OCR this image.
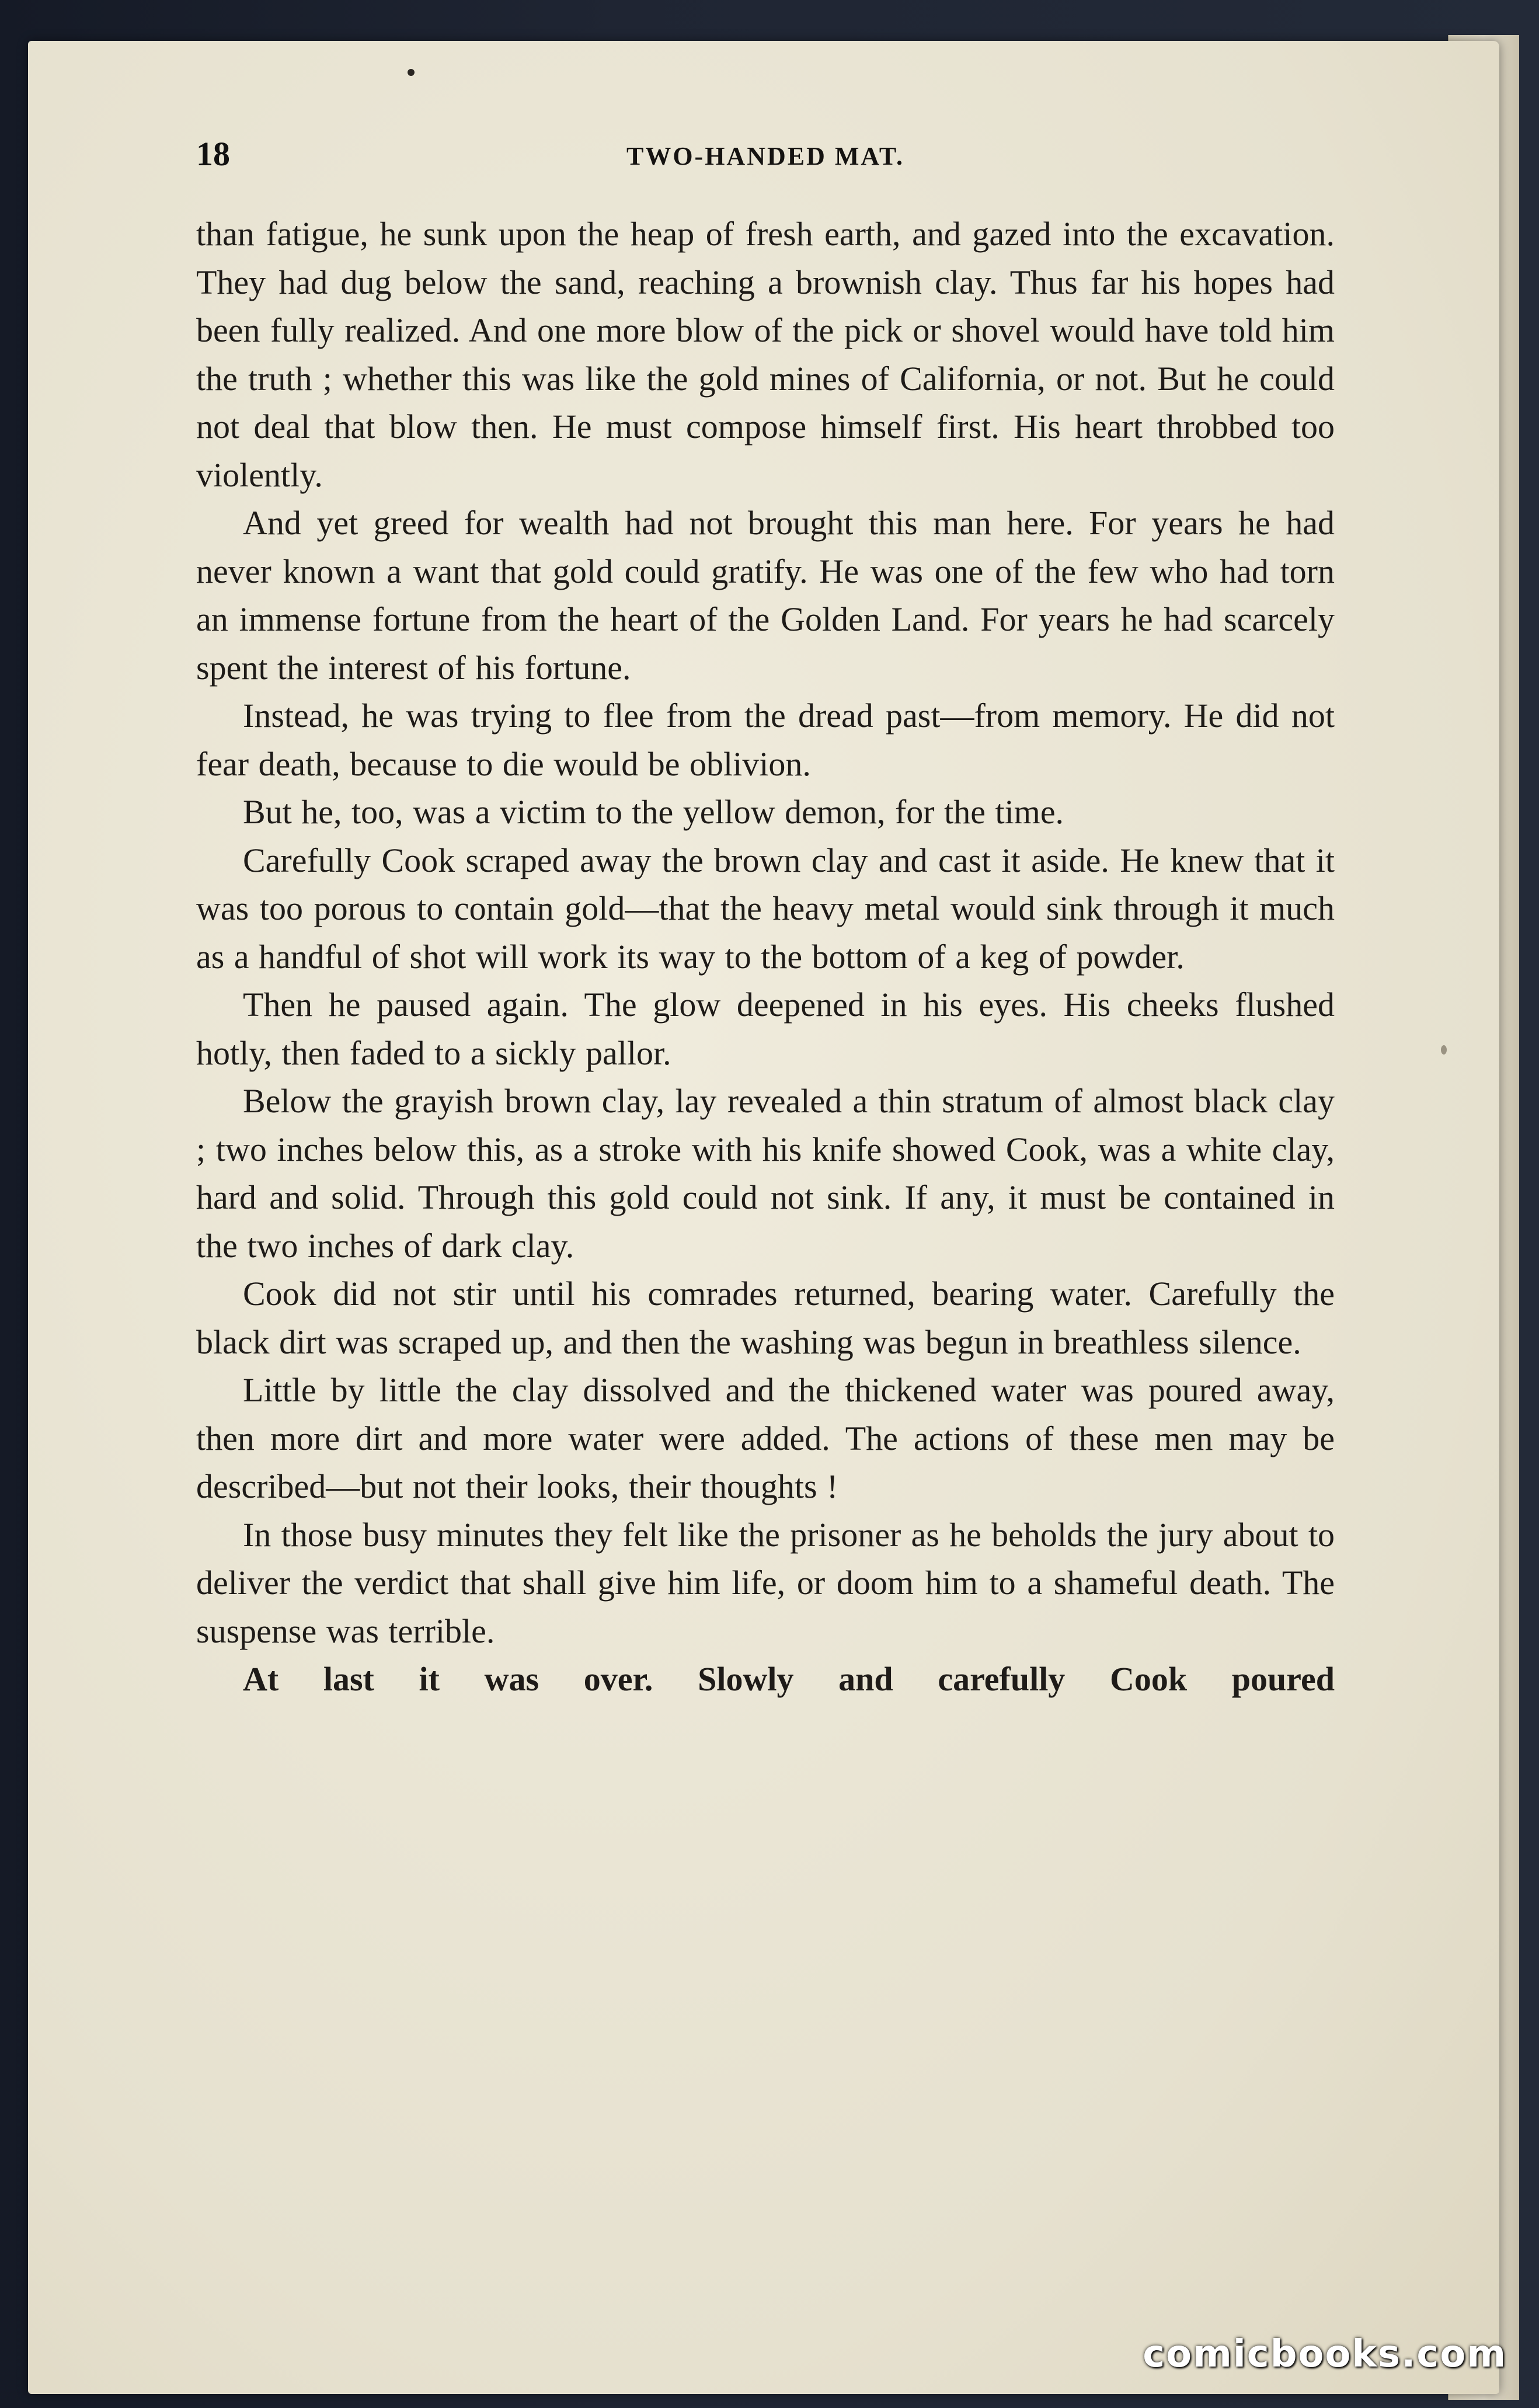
18	TWO-HANDED MAT.

than fatigue, he sunk upon the heap of fresh earth, and gazed into the excavation. They had dug below the sand, reaching a brownish clay. Thus far his hopes had been fully realized. And one more blow of the pick or shovel would have told him the truth ; whether this was like the gold mines of California, or not. But he could not deal that blow then. He must compose himself first. His heart throbbed too violently.

And yet greed for wealth had not brought this man here. For years he had never known a want that gold could gratify. He was one of the few who had torn an immense fortune from the heart of the Golden Land. For years he had scarcely spent the interest of his fortune.

Instead, he was trying to flee from the dread past—from memory. He did not fear death, because to die would be oblivion.

But he, too, was a victim to the yellow demon, for the time.

Carefully Cook scraped away the brown clay and cast it aside. He knew that it was too porous to contain gold—that the heavy metal would sink through it much as a handful of shot will work its way to the bottom of a keg of powder.

Then he paused again. The glow deepened in his eyes. His cheeks flushed hotly, then faded to a sickly pallor.

Below the grayish brown clay, lay revealed a thin stratum of almost black clay ; two inches below this, as a stroke with his knife showed Cook, was a white clay, hard and solid. Through this gold could not sink. If any, it must be contained in the two inches of dark clay.

Cook did not stir until his comrades returned, bearing water. Carefully the black dirt was scraped up, and then the washing was begun in breathless silence.

Little by little the clay dissolved and the thickened water was poured away, then more dirt and more water were added. The actions of these men may be described—but not their looks, their thoughts !

In those busy minutes they felt like the prisoner as he beholds the jury about to deliver the verdict that shall give him life, or doom him to a shameful death. The suspense was terrible.

At last it was over. Slowly and carefully Cook poured

comicbooks.com
